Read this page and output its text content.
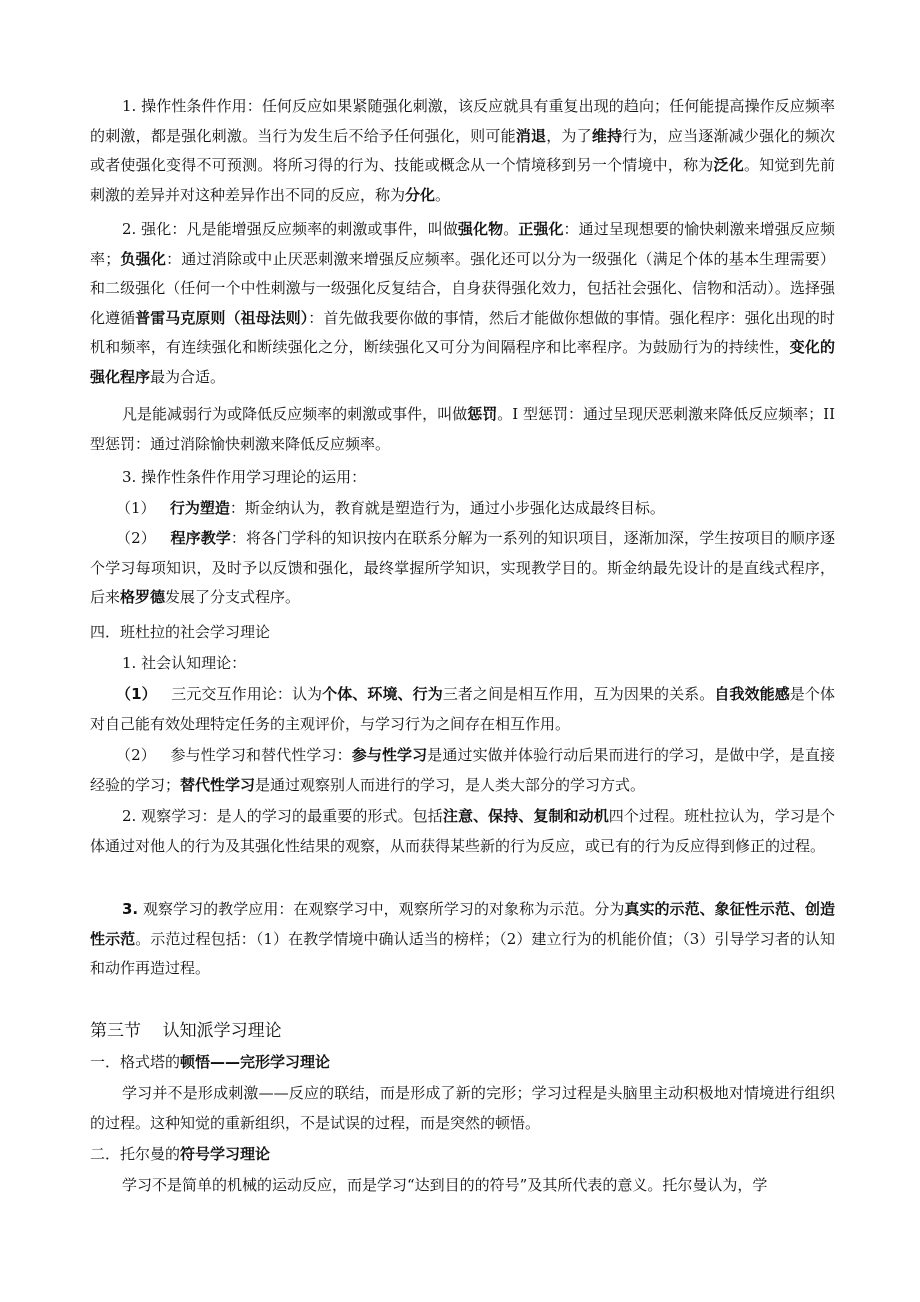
1. 操作性条件作用：任何反应如果紧随强化刺激，该反应就具有重复出现的趋向；任何能提高操作反应频率的刺激，都是强化刺激。当行为发生后不给予任何强化，则可能消退，为了维持行为，应当逐渐减少强化的频次或者使强化变得不可预测。将所习得的行为、技能或概念从一个情境移到另一个情境中，称为泛化。知觉到先前刺激的差异并对这种差异作出不同的反应，称为分化。

2. 强化：凡是能增强反应频率的刺激或事件，叫做强化物。正强化：通过呈现想要的愉快刺激来增强反应频率；负强化：通过消除或中止厌恶刺激来增强反应频率。强化还可以分为一级强化（满足个体的基本生理需要）和二级强化（任何一个中性刺激与一级强化反复结合，自身获得强化效力，包括社会强化、信物和活动）。选择强化遵循普雷马克原则（祖母法则）：首先做我要你做的事情，然后才能做你想做的事情。强化程序：强化出现的时机和频率，有连续强化和断续强化之分，断续强化又可分为间隔程序和比率程序。为鼓励行为的持续性，变化的强化程序最为合适。

凡是能减弱行为或降低反应频率的刺激或事件，叫做惩罚。I 型惩罚：通过呈现厌恶刺激来降低反应频率；II 型惩罚：通过消除愉快刺激来降低反应频率。

3. 操作性条件作用学习理论的运用：

（1） 行为塑造：斯金纳认为，教育就是塑造行为，通过小步强化达成最终目标。

（2） 程序教学：将各门学科的知识按内在联系分解为一系列的知识项目，逐渐加深，学生按项目的顺序逐个学习每项知识，及时予以反馈和强化，最终掌握所学知识，实现教学目的。斯金纳最先设计的是直线式程序，后来格罗德发展了分支式程序。

四．班杜拉的社会学习理论

1. 社会认知理论：

（1） 三元交互作用论：认为个体、环境、行为三者之间是相互作用，互为因果的关系。自我效能感是个体对自己能有效处理特定任务的主观评价，与学习行为之间存在相互作用。

（2） 参与性学习和替代性学习：参与性学习是通过实做并体验行动后果而进行的学习，是做中学，是直接经验的学习；替代性学习是通过观察别人而进行的学习，是人类大部分的学习方式。

2. 观察学习：是人的学习的最重要的形式。包括注意、保持、复制和动机四个过程。班杜拉认为，学习是个体通过对他人的行为及其强化性结果的观察，从而获得某些新的行为反应，或已有的行为反应得到修正的过程。

3. 观察学习的教学应用：在观察学习中，观察所学习的对象称为示范。分为真实的示范、象征性示范、创造性示范。示范过程包括：（1）在教学情境中确认适当的榜样；（2）建立行为的机能价值；（3）引导学习者的认知和动作再造过程。

第三节    认知派学习理论

一．格式塔的顿悟——完形学习理论

学习并不是形成刺激——反应的联结，而是形成了新的完形；学习过程是头脑里主动积极地对情境进行组织的过程。这种知觉的重新组织，不是试误的过程，而是突然的顿悟。

二．托尔曼的符号学习理论

学习不是简单的机械的运动反应，而是学习“达到目的的符号”及其所代表的意义。托尔曼认为，学
